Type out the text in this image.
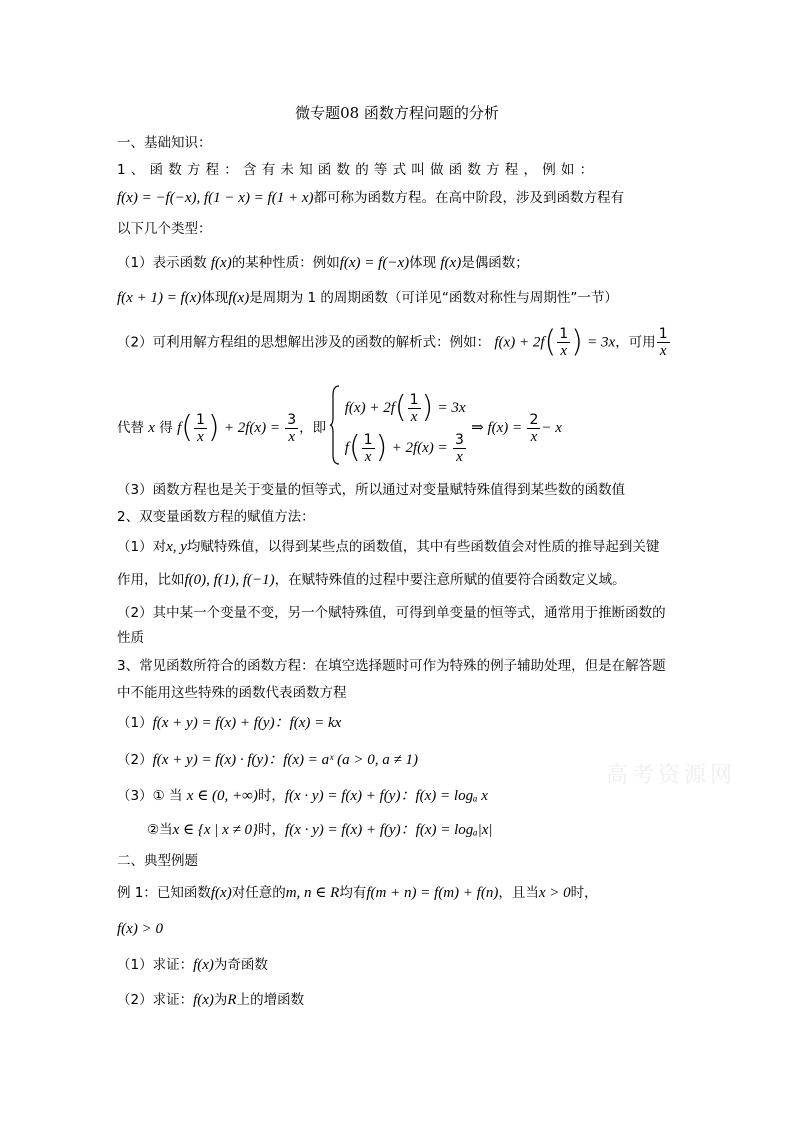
微专题08 函数方程问题的分析
一、基础知识：
1、函数方程：含有未知函数的等式叫做函数方程，例如：
f(x) = −f(−x), f(1 − x) = f(1 + x)都可称为函数方程。在高中阶段，涉及到函数方程有
以下几个类型：
（1）表示函数 f(x)的某种性质：例如f(x) = f(−x)体现 f(x)是偶函数；
f(x + 1) = f(x)体现f(x)是周期为 1 的周期函数（可详见“函数对称性与周期性”一节）
（2）可利用解方程组的思想解出涉及的函数的解析式：例如： $f(x) + 2f( \frac{1}{x}$ ) = 3x，可用 $\frac{1}{x}$
代替 x 得 $f( \frac{1}{x}$ ) + $2f(x) = \frac{3}{x}$ ，即
f(x) + 2f ( 1
x )
= 3x
f ( 1
x )
+ 2f(x) =
$\frac{3}{x}$
⇒ $f(x) = \frac{2}{x} - x$
（3）函数方程也是关于变量的恒等式，所以通过对变量赋特殊值得到某些数的函数值
2、双变量函数方程的赋值方法：
（1）对x, y均赋特殊值，以得到某些点的函数值，其中有些函数值会对性质的推导起到关键
作用，比如f(0), f(1), f(−1)，在赋特殊值的过程中要注意所赋的值要符合函数定义域。
（2）其中某一个变量不变，另一个赋特殊值，可得到单变量的恒等式，通常用于推断函数的
性质
3、常见函数所符合的函数方程：在填空选择题时可作为特殊的例子辅助处理，但是在解答题
中不能用这些特殊的函数代表函数方程
（1）f(x + y) = f(x) + f(y)：f(x) = kx
（2）f(x + y) = f(x) · f(y)：f(x) = aˣ (a > 0, a ≠ 1)
（3）① 当 x ∈ (0, +∞)时，f(x · y) = f(x) + f(y)：f(x) = logₐ x
②当x ∈ {x | x ≠ 0}时，f(x · y) = f(x) + f(y)：f(x) = logₐ|x|
高考资源网
二、典型例题
例 1：已知函数f(x)对任意的m, n ∈ R均有f(m + n) = f(m) + f(n)，且当x > 0时，
f(x) > 0
（1）求证：f(x)为奇函数
（2）求证：f(x)为R上的增函数
